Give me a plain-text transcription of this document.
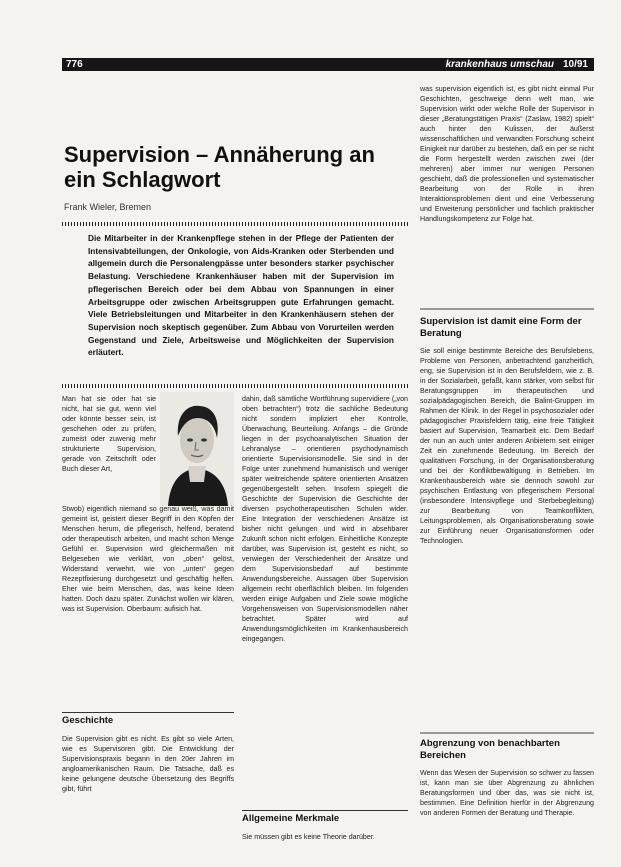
776	krankenhaus umschau 10/91
Supervision – Annäherung an ein Schlagwort
Frank Wieler, Bremen
Die Mitarbeiter in der Krankenpflege stehen in der Pflege der Patienten der Intensivabteilungen, der Onkologie, von Aids-Kranken oder Sterbenden und allgemein durch die Personalengpässe unter besonders starker psychischer Belastung. Verschiedene Krankenhäuser haben mit der Supervision im pflegerischen Bereich oder bei dem Abbau von Spannungen in einer Arbeitsgruppe oder zwischen Arbeitsgruppen gute Erfahrungen gemacht. Viele Betriebsleitungen und Mitarbeiter in den Krankenhäusern stehen der Supervision noch skeptisch gegenüber. Zum Abbau von Vorurteilen werden Gegenstand und Ziele, Arbeitsweise und Möglichkeiten der Supervision erläutert.
Man hat sie oder hat sie nicht, hat sie gut, wenn viel oder könnte besser sein, ist geschehen oder zu prüfen, zumeist oder zuwenig mehr strukturierte Supervision, gerade von Zeitschrift oder Buch dieser Art,
Stwob) eigentlich niemand so genau weiß, was damit gemeint ist, geistert dieser Begriff in den Köpfen der Menschen herum, die pflegerisch, helfend, beratend oder therapeutisch arbeiten, und macht schon Menge Gefühl er. Supervision wird gleichermaßen mit Belgeseben wie verklärt, von „oben“ gelöst, Widerstand verwehrt, wie von „unten“ gegen Rezeptfixierung durchgesetzt und geschäftig helfen. Eher wie beim Menschen, das, was keine Ideen hatten. Doch dazu später. Zunächst wollen wir klären, was ist Supervision. Oberbaum: aufisich hat.
Geschichte
Die Supervision gibt es nicht. Es gibt so viele Arten, wie es Supervisoren gibt. Die Entwicklung der Supervisionspraxis begann in den 20er Jahren im angloamerikanischen Raum. Die Tatsache, daß es keine gelungene deutsche Übersetzung des Begriffs gibt, führt
dahin, daß sämtliche Wortführung supervidiere („von oben betrachten“) trotz die sachliche Bedeutung nicht sondern impliziert eher Kontrolle, Überwachung, Beurteilung. Anfangs – die Gründe liegen in der psychoanalytischen Situation der Lehranalyse – orientieren psychodynamisch orientierte Supervisionsmodelle. Sie sind in der Folge unter zunehmend humanistisch und weniger später weitreichende spätere orientierten Ansätzen gegenübergestellt sehen. Insofern spiegelt die Geschichte der Supervision die Geschichte der diversen psychotherapeutischen Schulen wider. Eine Integration der verschiedenen Ansätze ist bisher nicht gelungen und wird in absehbarer Zukunft schon nicht erfolgen. Einheitliche Konzepte darüber, was Supervision ist, gesteht es nicht, so verwiegen der Verschiedenheit der Ansätze und dem Supervisionsbedarf auf bestimmte Anwendungsbereiche. Aussagen über Supervision allgemein recht oberflächlich bleiben. Im folgenden werden einige Aufgaben und Ziele sowie mögliche Vorgehensweisen von Supervisionsmodellen näher betrachtet. Später wird auf Anwendungsmöglichkeiten im Krankenhausbereich eingegangen.
Allgemeine Merkmale
Sie müssen gibt es keine Theorie darüber.
was supervision eigentlich ist, es gibt nicht einmal Pur Geschichten, geschweige denn welt man, wie Supervision wirkt oder welche Rolle der Supervisor in dieser „Beratungstätigen Praxis“ (Zaslaw, 1982) spielt“ auch hinter den Kulissen, der äußerst wissenschaftlichen und verwandten Forschung scheint Einigkeit nur darüber zu bestehen, daß ein per se nicht die Form hergestellt werden zwischen zwei (der mehreren) aber immer nur wenigen Personen geschieht, daß die professionellen und systematischer Bearbeitung von der Rolle in ihren Interaktionsproblemen dient und eine Verbesserung und Erweiterung persönlicher und fachlich praktischer Handlungskompetenz zur Folge hat.
Supervision ist damit eine Form der Beratung
Sie soll einige bestimmte Bereiche des Berufslebens, Probleme von Personen, anbetrachtend ganzheitlich, eng, sie Supervision ist in den Berufsfeldern, wie z. B. in der Sozialarbeit, gefaßt, kann stärker, vom selbst für Beratungsgruppen im therapeutischen und sozialpädagogischen Bereich, die Balint-Gruppen im Rahmen der Klinik. In der Regel in psychosozialer oder pädagogischer Praxisfeldern tätig, eine freie Tätigkeit basiert auf Supervision, Teamarbeit etc. Dem Bedarf der nun an auch unter anderen Anbietern seit einiger Zeit ein zunehmende Bedeutung. Im Bereich der qualitativen Forschung, in der Organisationsberatung und bei der Konfliktbewältigung in Betrieben. Im Krankenhausbereich wäre sie dennoch sowohl zur psychischen Entlastung von pflegerischem Personal (insbesondere Intensivpflege und Sterbebegleitung) zur Bearbeitung von Teamkonflikten, Leitungsproblemen, als Organisationsberatung sowie zur Einführung neuer Organisationsformen oder Technologien.
Abgrenzung von benachbarten Bereichen
Wenn das Wesen der Supervision so schwer zu fassen ist, kann man sie über Abgrenzung zu ähnlichen Beratungsformen und über das, was sie nicht ist, bestimmen. Eine Definition hierfür in der Abgrenzung von anderen Formen der Beratung und Therapie.
